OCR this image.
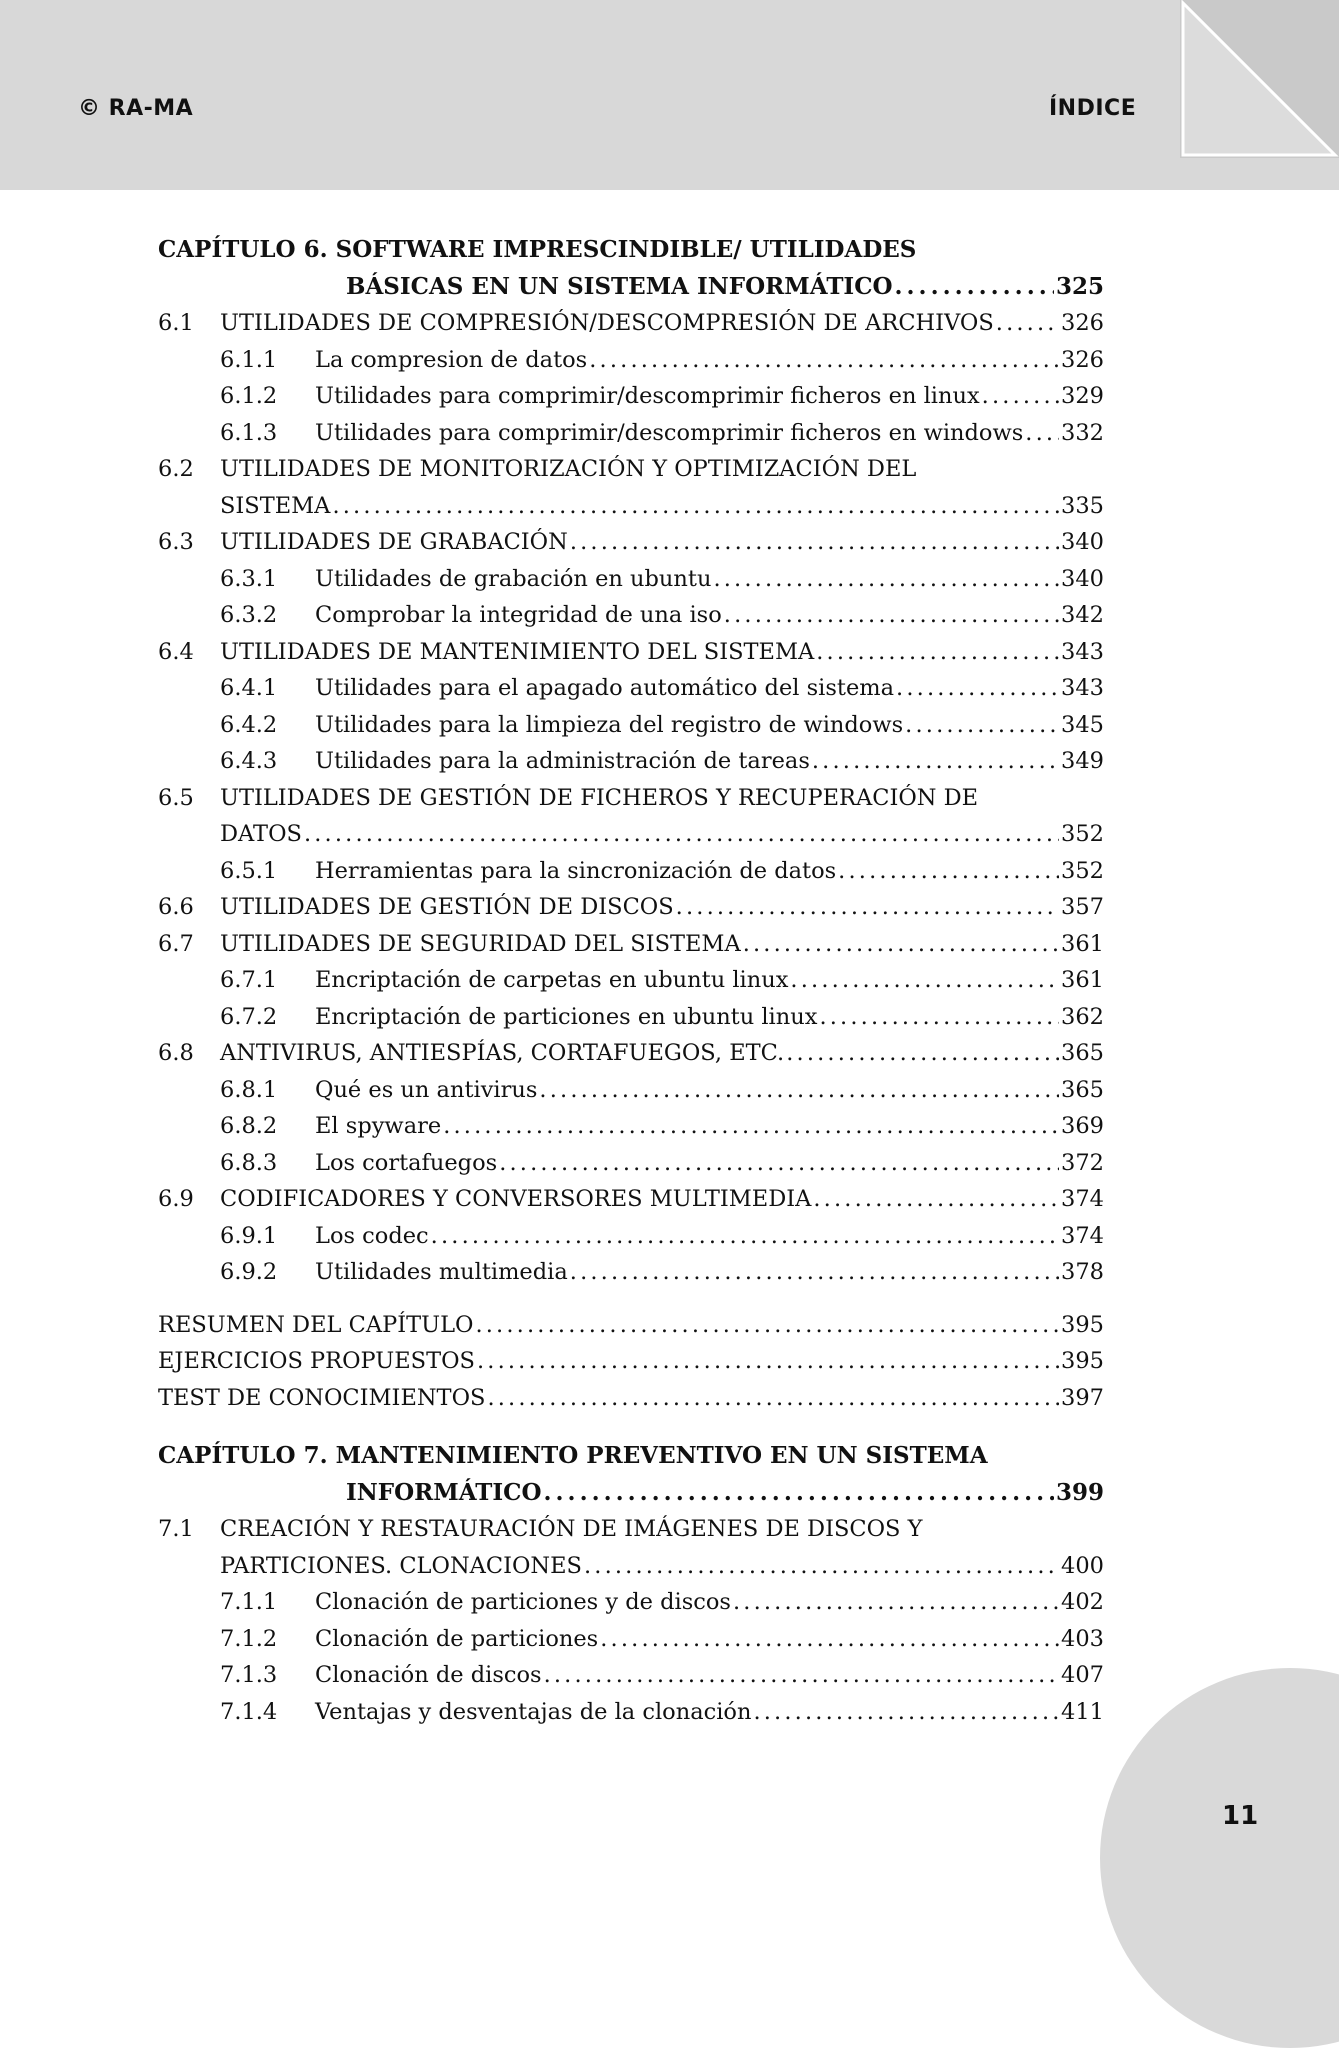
© RA-MA	ÍNDICE
CAPÍTULO 6. SOFTWARE IMPRESCINDIBLE/ UTILIDADES
BÁSICAS EN UN SISTEMA INFORMÁTICO . . .	325
6.1	UTILIDADES DE COMPRESIÓN/DESCOMPRESIÓN DE ARCHIVOS . . .	326
6.1.1	La compresion de datos . . .	326
6.1.2	Utilidades para comprimir/descomprimir ficheros en linux . . .	329
6.1.3	Utilidades para comprimir/descomprimir ficheros en windows . . . 332
6.2	UTILIDADES DE MONITORIZACIÓN Y OPTIMIZACIÓN DEL
SISTEMA . . .	335
6.3	UTILIDADES DE GRABACIÓN . . .	340
6.3.1	Utilidades de grabación en ubuntu . . .	340
6.3.2	Comprobar la integridad de una iso . . .	342
6.4	UTILIDADES DE MANTENIMIENTO DEL SISTEMA . . .	343
6.4.1	Utilidades para el apagado automático del sistema . . .	343
6.4.2	Utilidades para la limpieza del registro de windows . . .	345
6.4.3	Utilidades para la administración de tareas . . .	349
6.5	UTILIDADES DE GESTIÓN DE FICHEROS Y RECUPERACIÓN DE
DATOS . . .	352
6.5.1	Herramientas para la sincronización de datos . . .	352
6.6	UTILIDADES DE GESTIÓN DE DISCOS . . .	357
6.7	UTILIDADES DE SEGURIDAD DEL SISTEMA . . .	361
6.7.1	Encriptación de carpetas en ubuntu linux . . .	361
6.7.2	Encriptación de particiones en ubuntu linux . . .	362
6.8	ANTIVIRUS, ANTIESPÍAS, CORTAFUEGOS, ETC. . . .	365
6.8.1	Qué es un antivirus . . .	365
6.8.2	El spyware . . .	369
6.8.3	Los cortafuegos . . .	372
6.9	CODIFICADORES Y CONVERSORES MULTIMEDIA . . .	374
6.9.1	Los codec . . .	374
6.9.2	Utilidades multimedia . . .	378
RESUMEN DEL CAPÍTULO . . .	395
EJERCICIOS PROPUESTOS . . .	395
TEST DE CONOCIMIENTOS . . .	397
CAPÍTULO 7. MANTENIMIENTO PREVENTIVO EN UN SISTEMA
INFORMÁTICO . . .	399
7.1	CREACIÓN Y RESTAURACIÓN DE IMÁGENES DE DISCOS Y
PARTICIONES. CLONACIONES . . .	400
7.1.1	Clonación de particiones y de discos . . .	402
7.1.2	Clonación de particiones . . .	403
7.1.3	Clonación de discos . . .	407
7.1.4	Ventajas y desventajas de la clonación . . .	411
11
